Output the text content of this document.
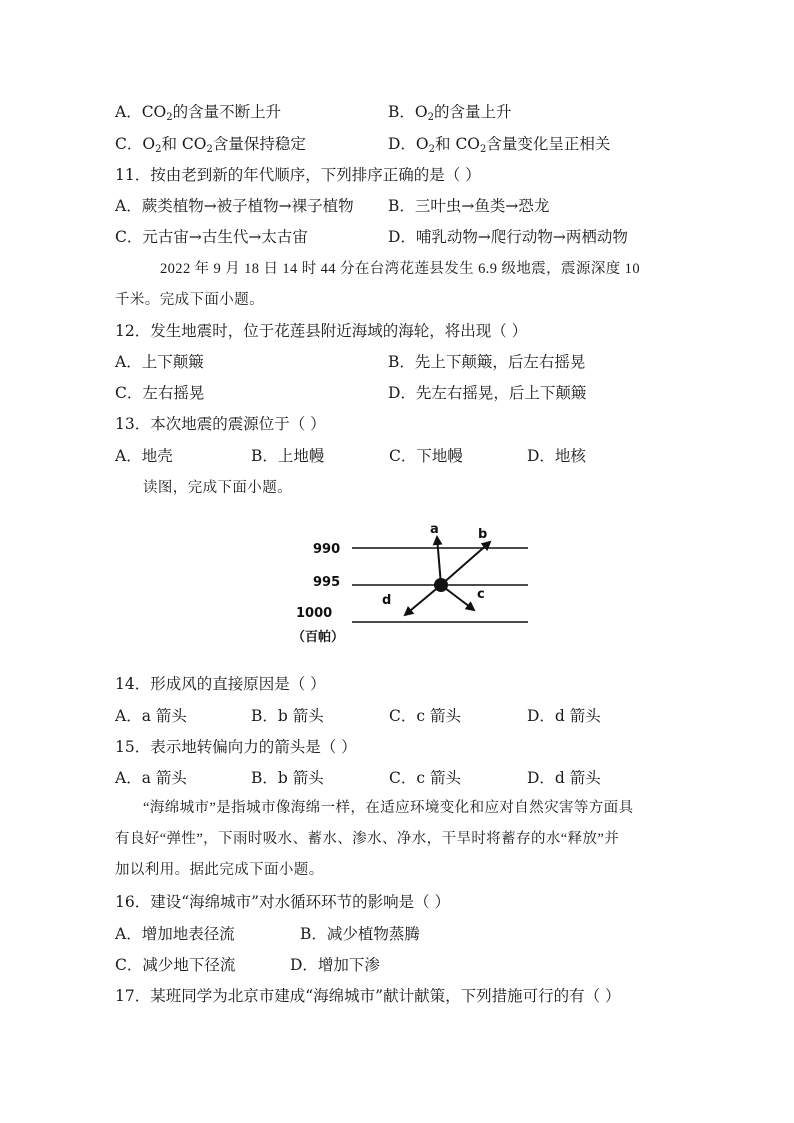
A．$CO_2$的含量不断上升	B．$O_2$的含量上升
C．$O_2$和 $CO_2$含量保持稳定	D．$O_2$和 $CO_2$含量变化呈正相关
11．按由老到新的年代顺序，下列排序正确的是（ ）
A．蕨类植物→被子植物→裸子植物 B．三叶虫→鱼类→恐龙
C．元古宙→古生代→太古宙	D．哺乳动物→爬行动物→两栖动物
2022 年 9 月 18 日 14 时 44 分在台湾花莲县发生 6.9 级地震，震源深度 10
千米。完成下面小题。
12．发生地震时，位于花莲县附近海域的海轮，将出现（ ）
A．上下颠簸	B．先上下颠簸，后左右摇晃
C．左右摇晃	D．先左右摇晃，后上下颠簸
13．本次地震的震源位于（ ）
A．地壳	B．上地幔	C．下地幔	D．地核
读图，完成下面小题。
990
995
1000
（百帕）
a	b
c
d
14．形成风的直接原因是（ ）
A．a 箭头	B．b 箭头	C．c 箭头	D．d 箭头
15．表示地转偏向力的箭头是（ ）
A．a 箭头	B．b 箭头	C．c 箭头	D．d 箭头
“海绵城市”是指城市像海绵一样，在适应环境变化和应对自然灾害等方面具
有良好“弹性”，下雨时吸水、蓄水、渗水、净水，干旱时将蓄存的水“释放”并
加以利用。据此完成下面小题。
16．建设“海绵城市”对水循环环节的影响是（ ）
A．增加地表径流	B．减少植物蒸腾
C．减少地下径流	D．增加下渗
17．某班同学为北京市建成“海绵城市”献计献策，下列措施可行的有（ ）
